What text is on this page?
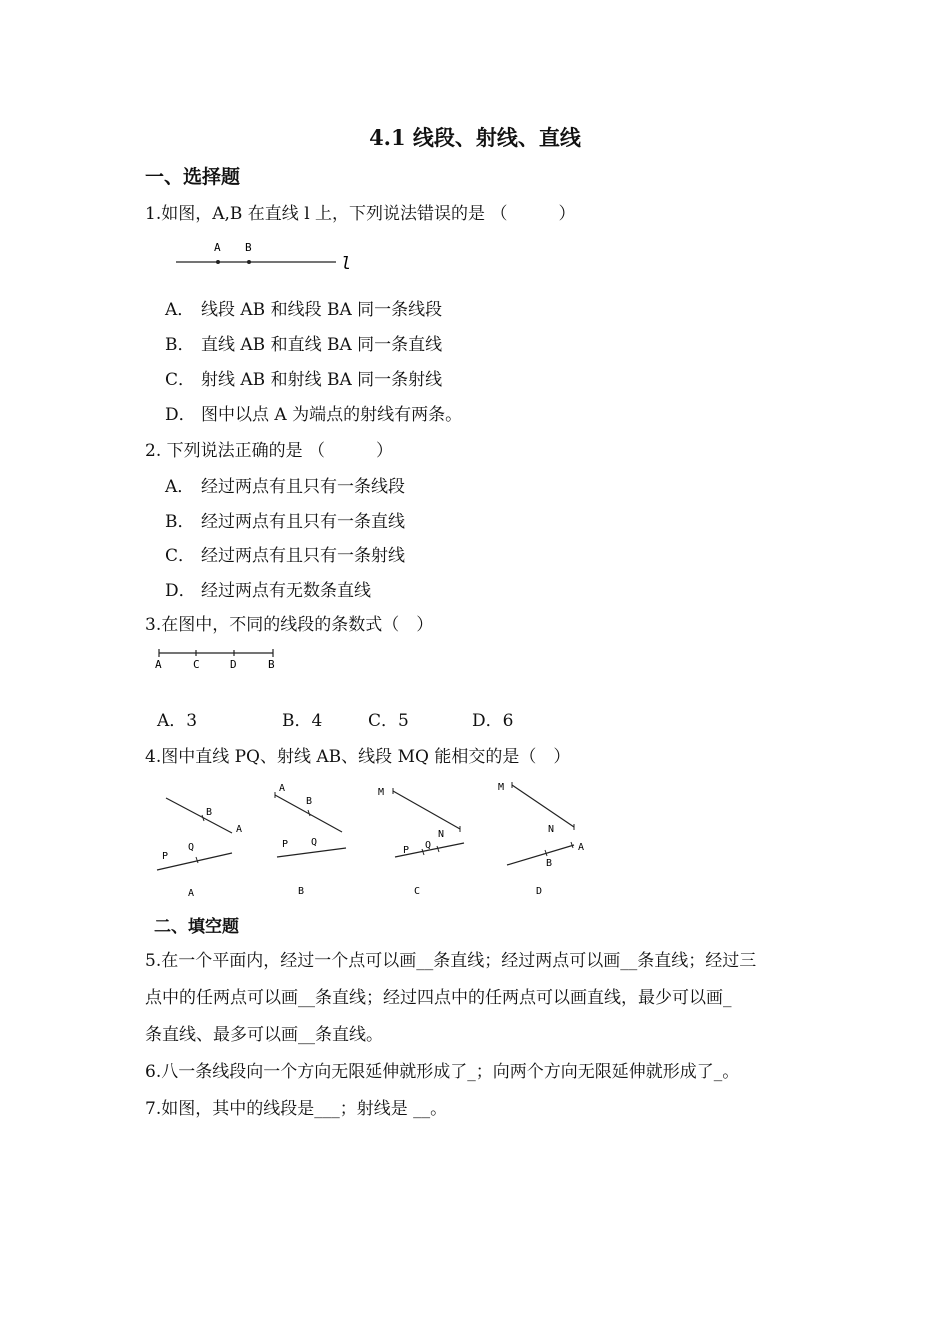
4.1 线段、射线、直线
一、选择题
1.如图，A,B 在直线 l 上，下列说法错误的是 （　　　）
A B
l
A． 线段 AB 和线段 BA 同一条线段
B． 直线 AB 和直线 BA 同一条直线
C． 射线 AB 和射线 BA 同一条射线
D． 图中以点 A 为端点的射线有两条。
2. 下列说法正确的是 （　　　）
A． 经过两点有且只有一条线段
B． 经过两点有且只有一条直线
C． 经过两点有且只有一条射线
D． 经过两点有无数条直线
3.在图中，不同的线段的条数式（　）
A	C	D	B
A．3	B．4	C．5	D．6
4.图中直线 PQ、射线 AB、线段 MQ 能相交的是（　）
B
A
Q
P
A
A
B
P Q
B
M
N
P Q
C
M
N
B
A
D
二、填空题
5.在一个平面内，经过一个点可以画__条直线；经过两点可以画__条直线；经过三
点中的任两点可以画__条直线；经过四点中的任两点可以画直线，最少可以画_
条直线、最多可以画__条直线。
6.八一条线段向一个方向无限延伸就形成了_；向两个方向无限延伸就形成了_。
7.如图，其中的线段是___；射线是 __。
